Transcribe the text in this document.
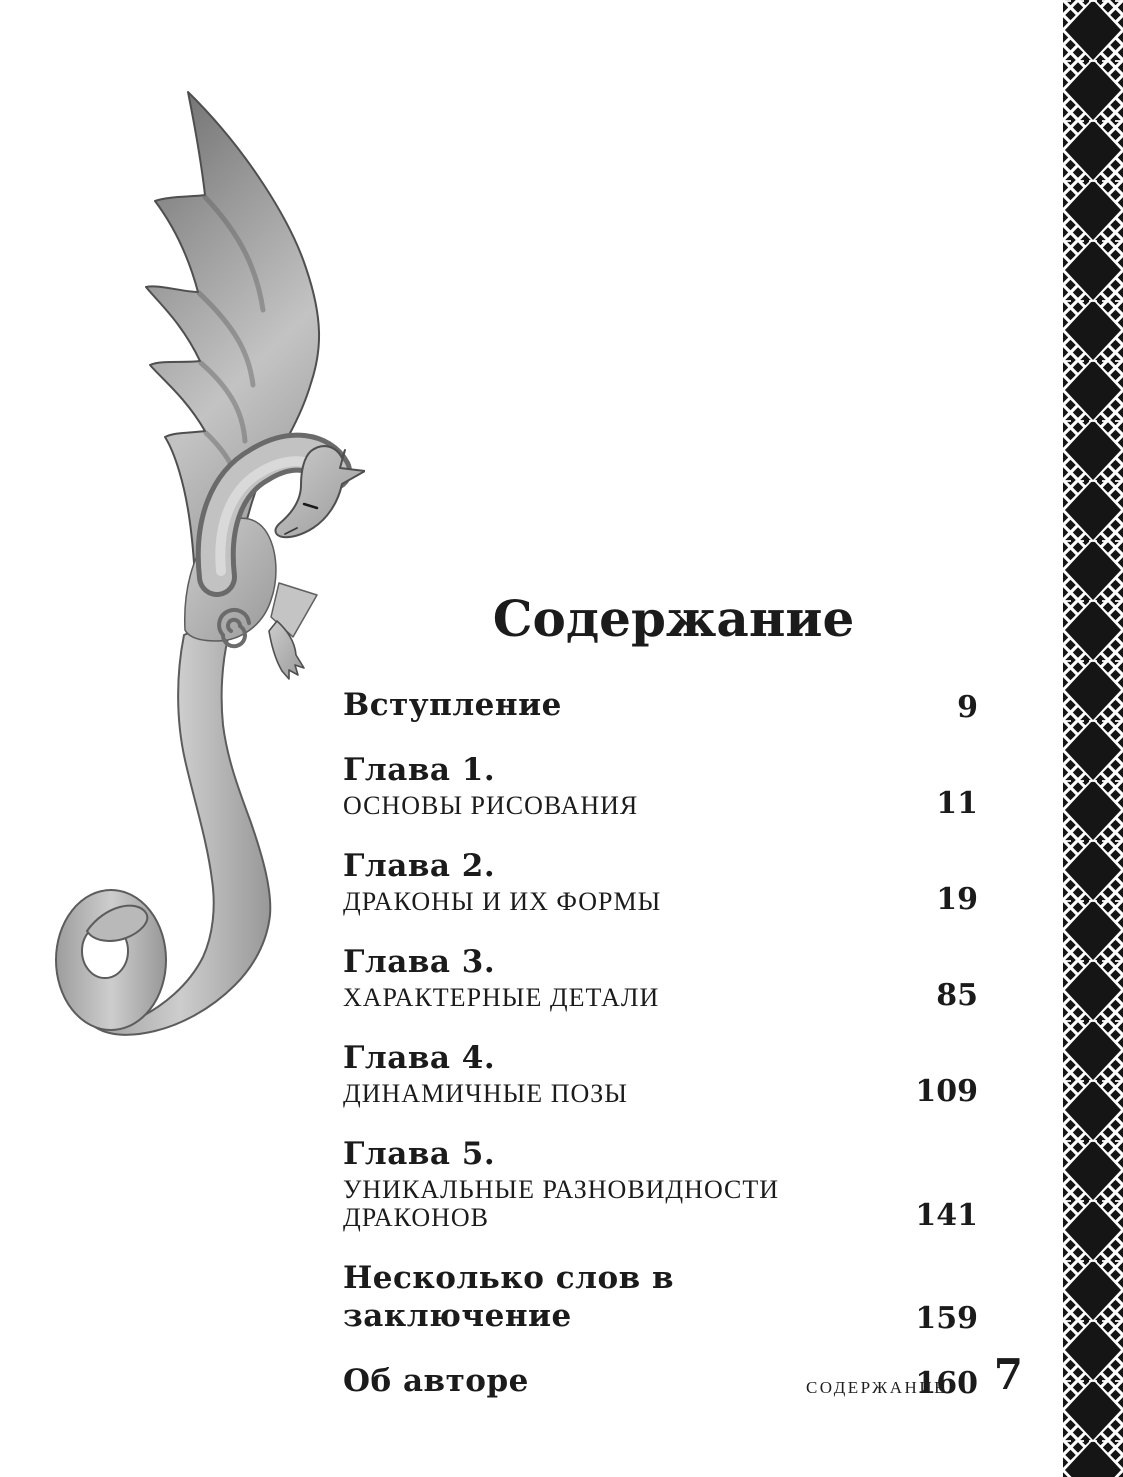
Содержание
Вступление	9
Глава 1.
ОСНОВЫ РИСОВАНИЯ	11
Глава 2.
ДРАКОНЫ И ИХ ФОРМЫ	19
Глава 3.
ХАРАКТЕРНЫЕ ДЕТАЛИ	85
Глава 4.
ДИНАМИЧНЫЕ ПОЗЫ	109
Глава 5.
УНИКАЛЬНЫЕ РАЗНОВИДНОСТИ ДРАКОНОВ	141
Несколько слов в заключение	159
Об авторе	160
СОДЕРЖАНИЕ 7
